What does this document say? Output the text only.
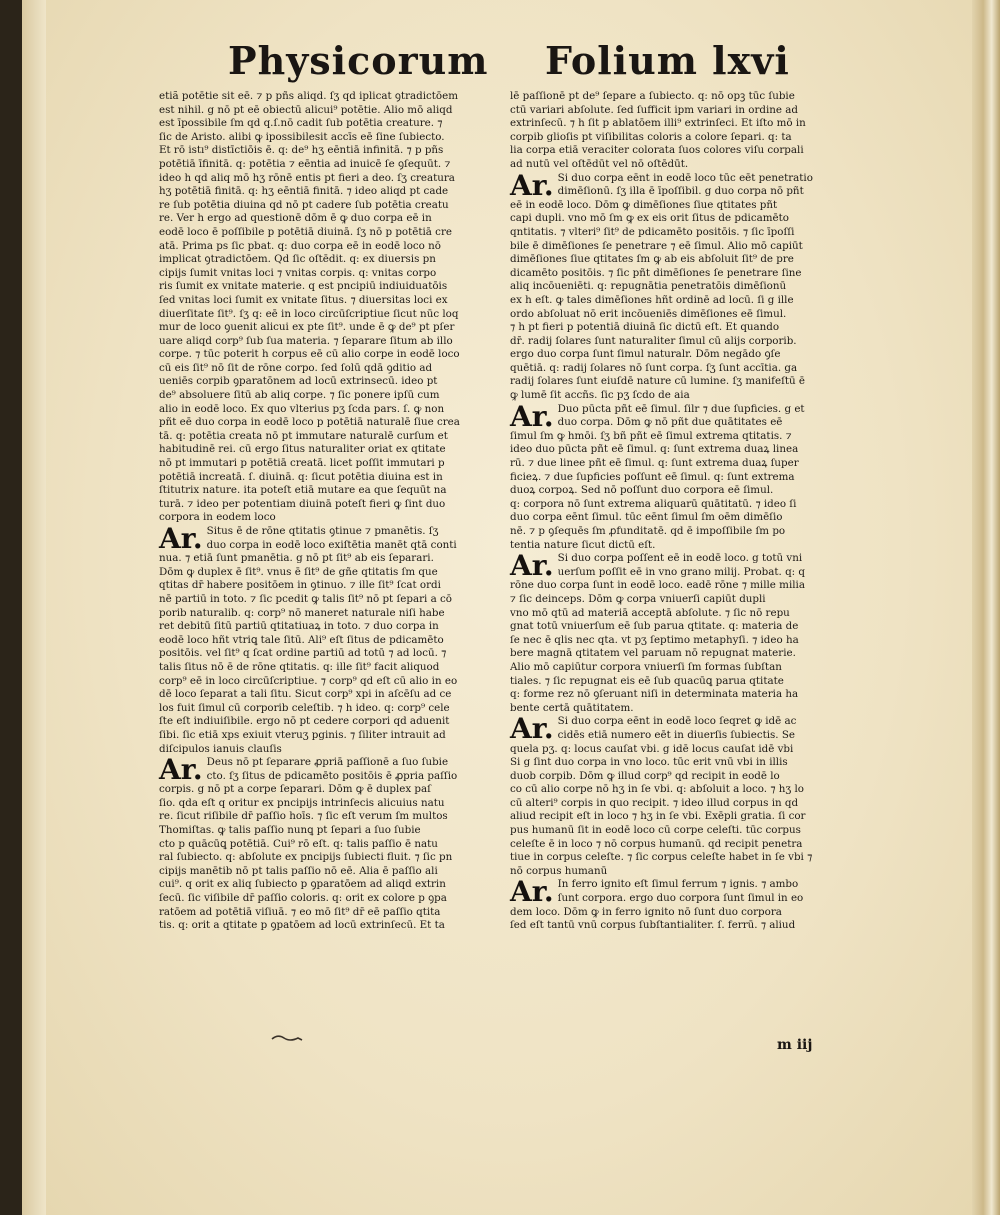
Physicorum Folium lxvi

etiã potētie sit eē. ⁊ p pñs aliqd. ſʒ qd iplicat ꝯtradictōem

est nihil. g nō pt eē obiectū alicui⁹ potētie. Alio mō aliqd

est īpossibile ſm qd q.ſ.nō cadit ſub potētia creature. ⁊

ſic de Aristo. alibi ꝙ ipossibilesit accīs eē ſine ſubiecto.

Et rō istı⁹ distīctiōis ē. q: de⁹ hʒ eēntiā infinitā. ⁊ p pñs

potētiā īfinitā. q: potētia ⁊ eēntia ad inuicē ſe ꝯſequūt. ⁊

ideo h qd aliq mō hʒ rōnē entis pt fieri a deo. ſʒ creatura

hʒ potētiā finitā. q: hʒ eēntiā finitā. ⁊ ideo aliqd pt cade

re ſub potētia diuina qd nō pt cadere ſub potētia creatu

re. Ver h ergo ad questionē dōm ē ꝙ duo corpa eē in

eodē loco ē poſſibile p potētiā diuinā. ſʒ nō p potētiā cre

atā. Prima ps ſic pbat. q: duo corpa eē in eodē loco nō

implicat ꝯtradictōem. Qd ſic oſtēdit. q: ex diuersis pn

cipijs ſumit vnitas loci ⁊ vnitas corpis. q: vnitas corpo

ris ſumit ex vnitate materie. q est pncipiū indiuiduatōis

ſed vnitas loci ſumit ex vnitate ſitus. ⁊ diuersitas loci ex

diuerſitate ſit⁹. ſʒ q: eē in loco circūſcriptiue ſicut nūc loq

mur de loco ꝯuenit alicui ex pte ſit⁹. unde ē ꝙ de⁹ pt pſer

uare aliqd corp⁹ ſub ſua materia. ⁊ ſeparare ſitum ab illo

corpe. ⁊ tūc poterit h corpus eē cū alio corpe in eodē loco

cū eis ſit⁹ nō ſit de rōne corpo. ſed ſolū qdā ꝯditio ad

ueniēs corpib ꝯparatōnem ad locū extrinsecū. ideo pt

de⁹ absoluere ſitū ab aliq corpe. ⁊ ſic ponere ipſū cum

alio in eodē loco. Ex quo vlterius pʒ ſcda pars. ſ. ꝙ non

pñt eē duo corpa in eodē loco p potētiā naturalē ſiue crea

tā. q: potētia creata nō pt immutare naturalē curſum et

habitudinē rei. cū ergo ſitus naturaliter oriat ex qtitate

nō pt immutari p potētiā creatā. licet poſſit immutari p

potētiā increatā. ſ. diuinā. q: ſicut potētia diuina est in

ſtitutrix nature. ita poteſt etiā mutare ea que ſequūt na

turā. ⁊ ideo per potentiam diuinā poteſt fieri ꝙ ſint duo

corpora in eodem loco

Ar. Situs ē de rōne qtitatis ꝯtinue ⁊ pmanētis. ſʒ

duo corpa in eodē loco exiſtētia manēt qtā conti

nua. ⁊ etiā ſunt pmanētia. g nō pt ſit⁹ ab eis ſeparari.

Dōm ꝙ duplex ē ſit⁹. vnus ē ſit⁹ de gñe qtitatis ſm que

qtitas dr̄ habere positōem in ꝯtinuo. ⁊ ille ſit⁹ ſcat ordi

nē partiū in toto. ⁊ ſic pcedit ꝙ talis ſit⁹ nō pt ſepari a cō

porib naturalib. q: corp⁹ nō maneret naturale niſi habe

ret debitū ſitū partiū qtitatiuaꝝ in toto. ⁊ duo corpa in

eodē loco hñt vtriꝗ tale ſitū. Ali⁹ eſt ſitus de pdicamēto

positōis. vel ſit⁹ q ſcat ordine partiū ad totū ⁊ ad locū. ⁊

talis ſitus nō ē de rōne qtitatis. q: ille ſit⁹ facit aliquod

corp⁹ eē in loco circūſcriptiue. ⁊ corp⁹ qd eſt cū alio in eo

dē loco ſeparat a tali ſitu. Sicut corp⁹ xpi in aſcēſu ad ce

los fuit ſimul cū corporib celeſtib. ⁊ h ideo. q: corp⁹ cele

ſte eſt indiuiſibile. ergo nō pt cedere corpori qd aduenit

ſibi. ſic etiā xps exiuit vteruʒ pginis. ⁊ ſiliter intrauit ad

diſcipulos ianuis clauſis

Ar. Deus nō pt ſeparare ꝓpriā paſſionē a ſuo ſubie

cto. ſʒ ſitus de pdicamēto positōis ē ꝓpria paſſio

corpis. g nō pt a corpe ſeparari. Dōm ꝙ ē duplex paſ

ſio. qda eſt q oritur ex pncipijs intrinſecis alicuius natu

re. ſicut riſibile dr̄ paſſio hoīs. ⁊ ſic eſt verum ſm multos

Thomiſtas. ꝙ talis paſſio nunꝗ pt ſepari a ſuo ſubie

cto p quācūꝗ potētiā. Cui⁹ rō eſt. q: talis paſſio ē natu

ral ſubiecto. q: abſolute ex pncipijs ſubiecti fluit. ⁊ ſic pn

cipijs manētib nō pt talis paſſio nō eē. Alia ē paſſio ali

cui⁹. q orit ex aliq ſubiecto p ꝯparatōem ad aliqd extrin

ſecū. ſic viſibile dr̄ paſſio coloris. q: orit ex colore p ꝯpa

ratōem ad potētiā viſiuā. ⁊ eo mō ſit⁹ dr̄ eē paſſio qtita

tis. q: orit a qtitate p ꝯpatōem ad locū extrinſecū. Et ta

lē paſſionē pt de⁹ ſepare a ſubiecto. q: nō opꝫ tūc ſubie

ctū variari abſolute. ſed ſufficit ipm variari in ordine ad

extrinſecū. ⁊ h ſit p ablatōem illi⁹ extrinſeci. Et iſto mō in

corpib glioſis pt viſibilitas coloris a colore ſepari. q: ta

lia corpa etiā veraciter colorata ſuos colores viſu corpali

ad nutū vel oſtēdūt vel nō oſtēdūt.

Ar. Si duo corpa eēnt in eodē loco tūc eēt penetratio

dimēſionū. ſʒ illa ē īpoſſibil. g duo corpa nō pñt

eē in eodē loco. Dōm ꝙ dimēſiones ſiue qtitates pñt

capi dupli. vno mō ſm ꝙ ex eis orit ſitus de pdicamēto

qntitatis. ⁊ vlteri⁹ ſit⁹ de pdicamēto positōis. ⁊ ſic īpoſſi

bile ē dimēſiones ſe penetrare ⁊ eē ſimul. Alio mō capiūt

dimēſiones ſiue qtitates ſm ꝙ ab eis abſoluit ſit⁹ de pre

dicamēto positōis. ⁊ ſic pñt dimēſiones ſe penetrare ſine

aliq incōueniēti. q: repugnātia penetratōis dimēſionū

ex h eſt. ꝙ tales dimēſiones hñt ordinē ad locū. ſi g ille

ordo abſoluat nō erit incōueniēs dimēſiones eē ſimul.

⁊ h pt fieri p potentiā diuinā ſic dictū eſt. Et quando

dr̄. radij ſolares ſunt naturaliter ſimul cū alijs corporib.

ergo duo corpa ſunt ſimul naturalr. Dōm negādo ꝯſe

quētiā. q: radij ſolares nō ſunt corpa. ſʒ ſunt accītia. ga

radij ſolares ſunt eiuſdē nature cū lumine. ſʒ manifeſtū ē

ꝙ lumē ſit accñs. ſic pʒ ſcdo de aia

Ar. Duo pūcta pñt eē ſimul. ſilr ⁊ due ſupficies. g et

duo corpa. Dōm ꝙ nō pñt due quātitates eē

ſimul ſm ꝙ hmōi. ſʒ bñ pñt eē ſimul extrema qtitatis. ⁊

ideo duo pūcta pñt eē ſimul. q: ſunt extrema duaꝝ linea

rū. ⁊ due linee pñt eē ſimul. q: ſunt extrema duaꝝ ſuper

ficieꝝ. ⁊ due ſupficies poſſunt eē ſimul. q: ſunt extrema

duoꝝ corpoꝝ. Sed nō poſſunt duo corpora eē ſimul.

q: corpora nō ſunt extrema aliquarū quātitatū. ⁊ ideo ſi

duo corpa eēnt ſimul. tūc eēnt ſimul ſm oēm dimēſio

nē. ⁊ p ꝯſequēs ſm ꝓfunditatē. qd ē impoſſibile ſm po

tentia nature ſicut dictū eſt.

Ar. Si duo corpa poſſent eē in eodē loco. g totū vni

uerſum poſſit eē in vno grano milij. Probat. q: q

rōne duo corpa ſunt in eodē loco. eadē rōne ⁊ mille milia

⁊ ſic deinceps. Dōm ꝙ corpa vniuerſi capiūt dupli

vno mō qtū ad materiā acceptā abſolute. ⁊ ſic nō repu

gnat totū vniuerſum eē ſub parua qtitate. q: materia de

ſe nec ē qlis nec qta. vt pʒ ſeptimo metaphyſi. ⁊ ideo ha

bere magnā qtitatem vel paruam nō repugnat materie.

Alio mō capiūtur corpora vniuerſi ſm formas ſubſtan

tiales. ⁊ ſic repugnat eis eē ſub quacūꝗ parua qtitate

q: forme rez nō ꝯſeruant niſi in determinata materia ha

bente certā quātitatem.

Ar. Si duo corpa eēnt in eodē loco ſeqret ꝙ idē ac

cidēs etiā numero eēt in diuerſis ſubiectis. Se

quela pʒ. q: locus cauſat vbi. g idē locus cauſat idē vbi

Si g ſint duo corpa in vno loco. tūc erit vnū vbi in illis

duob corpib. Dōm ꝙ illud corp⁹ qd recipit in eodē lo

co cū alio corpe nō hʒ in ſe vbi. q: abſoluit a loco. ⁊ hʒ lo

cū alteri⁹ corpis in quo recipit. ⁊ ideo illud corpus in qd

aliud recipit eſt in loco ⁊ hʒ in ſe vbi. Exēpli gratia. ſi cor

pus humanū ſit in eodē loco cū corpe celeſti. tūc corpus

celeſte ē in loco ⁊ nō corpus humanū. qd recipit penetra

tiue in corpus celeſte. ⁊ ſic corpus celeſte habet in ſe vbi ⁊

nō corpus humanū

Ar. In ferro ignito eſt ſimul ferrum ⁊ ignis. ⁊ ambo

ſunt corpora. ergo duo corpora ſunt ſimul in eo

dem loco. Dōm ꝙ in ferro ignito nō ſunt duo corpora

ſed eſt tantū vnū corpus ſubſtantialiter. ſ. ferrū. ⁊ aliud

m iij
